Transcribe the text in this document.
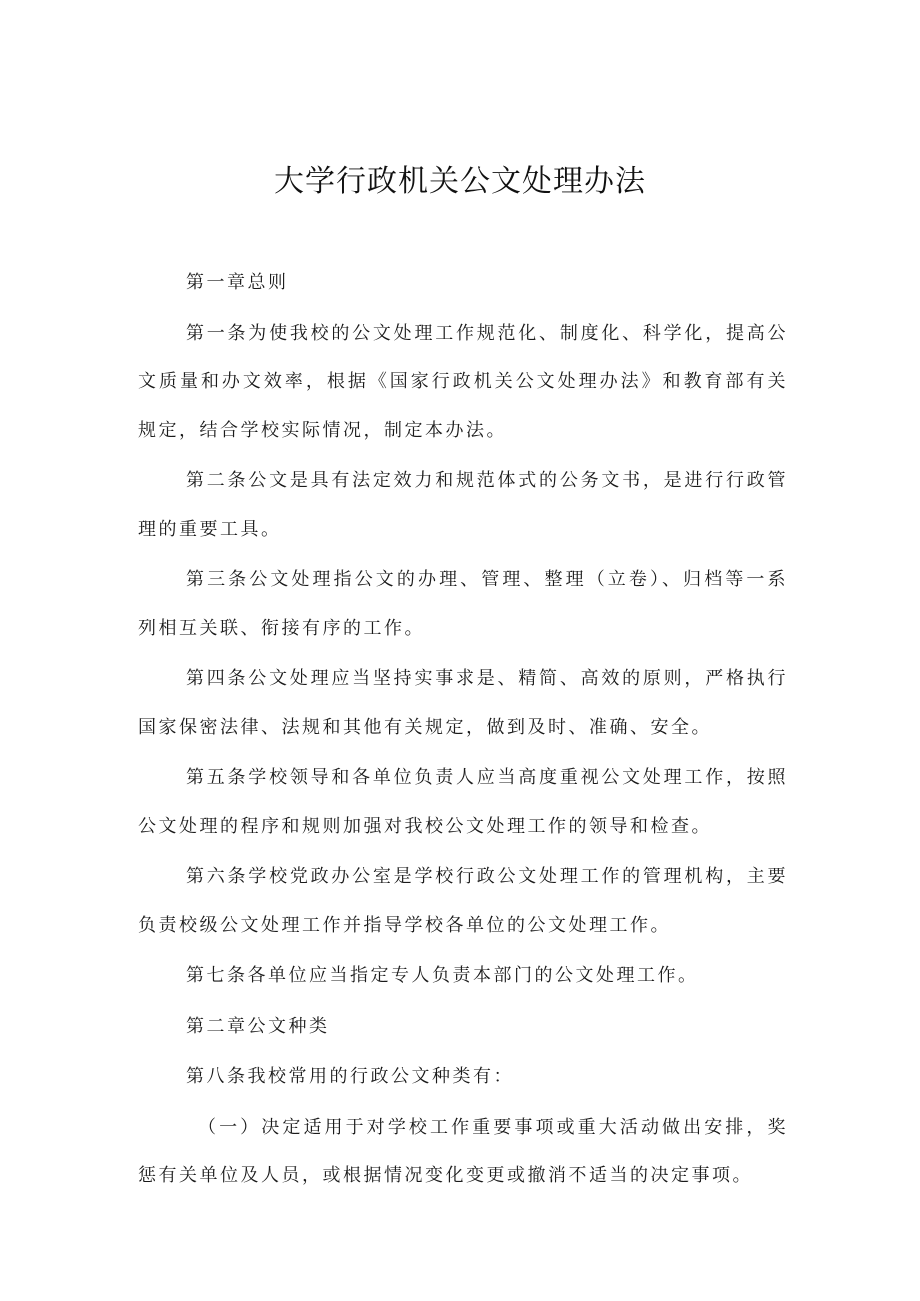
大学行政机关公文处理办法

第一章总则

第一条为使我校的公文处理工作规范化、制度化、科学化，提高公文质量和办文效率，根据《国家行政机关公文处理办法》和教育部有关规定，结合学校实际情况，制定本办法。

第二条公文是具有法定效力和规范体式的公务文书，是进行行政管理的重要工具。

第三条公文处理指公文的办理、管理、整理（立卷）、归档等一系列相互关联、衔接有序的工作。

第四条公文处理应当坚持实事求是、精简、高效的原则，严格执行国家保密法律、法规和其他有关规定，做到及时、准确、安全。

第五条学校领导和各单位负责人应当高度重视公文处理工作，按照公文处理的程序和规则加强对我校公文处理工作的领导和检查。

第六条学校党政办公室是学校行政公文处理工作的管理机构，主要负责校级公文处理工作并指导学校各单位的公文处理工作。

第七条各单位应当指定专人负责本部门的公文处理工作。

第二章公文种类

第八条我校常用的行政公文种类有：

（一）决定适用于对学校工作重要事项或重大活动做出安排，奖惩有关单位及人员，或根据情况变化变更或撤消不适当的决定事项。
